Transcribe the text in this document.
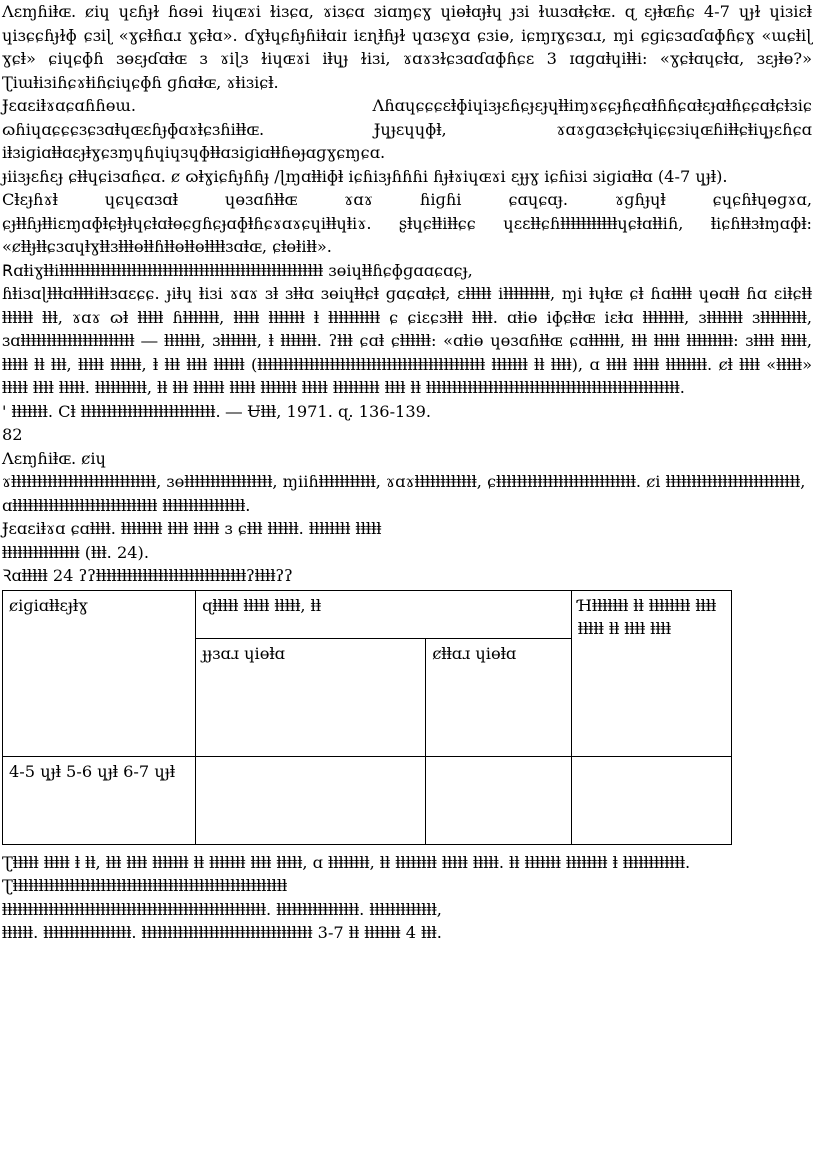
Λɛɱɦiⱡɶ. ȼiɥ ɥɛɦɟɫ ɦɞɘi ɫiɥɶɤi ɫiɜɕɑ, ɤiɜɕɑ ɜiɑɱɕɣ ɥiɵⱡɑɟⱡɥ ɟɜi ɫɯɜɑⱡɕⱡɶ. ɋ ɛɟⱡɶɦɕ 4-7 ɥɟɫ ɥiɜiɛⱡ ɥiɜɕɕɦɟɫɸ ɕɜiɭ «ɣɕⱡɦɑɹ ɣɕⱡɑ». ɗɣⱡɥɕɦɟɦiⱡɑiɪ iɛɳⱡɦɟɫ ɥɑɜɕɣɑ ɕɜiɵ, iɕɱɪɣɕɜɑɹ, ɱi ɕɡiɕɜɑɗɑɸɦɕɣ «ɯɕⱡiɭ ɣɕⱡ» ɕiɥɕɸɦ ɜɵɛɟɗɑⱡɶ ɜ ɤiɭɜ ɫiɥɶɤi iⱡɥɟ ɫiɜi, ɤɑɤɜɫɕɜɑɗɑɸɦɕɛ 3 ɪɑɡɑⱡɥiⱡⱡi: «ɣɕⱡɑɥɕⱡɑ, ɜɛɟⱡɵ?» Ʈiɯⱡiɜiɦɕɤⱡiɦɕiɥɕɸɦ ɡɦɑⱡɶ, ɤⱡiɜiɕⱡ.

Ɉɛɑɛiⱡɤɑɕɑɦɦɵɯ. Ʌɦɑɥɕɕɕɛⱡɸiɥiɜɟɛɦɕɟɛɟɥⱡⱡiɱɤɕɕɟɦɕɑⱡɦɦɕɑⱡɛɟɑⱡɦɕɕɑⱡɕⱡɜiɕ ɷɦiɥɑɕɕɕɜɕɜɑⱡɥɶɛɦɟɸɑɤⱡɕɜɦiⱡⱡɶ. Ɉɥɟɛɥɥɸⱡ, ɤɑɤɡɑɜɕⱡɕⱡɥiɕɕɜiɥɶɦiⱡⱡɕⱡiɥɟɛɦɕɑ iⱡɜiɡiɑⱡⱡɑɛɟⱡɣɕɜɱɥɦɥiɥɜɥɸⱡⱡɑɜiɡiɑⱡⱡɦɵɟɑɡɣɕɱɕɑ.

ɟiiɜɟɛɦɛɟ ɕⱡⱡɥɕiɜɑɦɕɑ. ȼ ɷⱡɣiɕɦɟɦɦɟ /ɭɱɑⱡⱡiɸⱡ iɕɦiɜɟɦɦɦi ɦɟⱡɤiɥɶɤi ɛɟɟɣ iɕɦiɜi ɜiɡiɑⱡⱡɑ (4-7 ɥɟⱡ).
Ϲⱡɛɟɦɤⱡ ɥɕɥɕɑɜɑⱡ ɥɵɜɑɦⱡⱡɶ ɤɑɤ ɦiɡɦi ɕɑɥɕɑɟ. ɤɡɦɟɥⱡ ɕɥɕɦⱡɥɵɡɤɑ, ɕɟⱡⱡɦɟⱡⱡiɛɱɑɸⱡɕⱡɟⱡɥɕⱡɑⱡɵɕɡɦɕɟɑɸⱡɦɕɤɑɤɕɥiⱡⱡɥⱡiɤ. ʂⱡɥɕⱡⱡiⱡⱡɕɕ ɥɛɛⱡⱡɕɦⱡⱡⱡⱡⱡⱡⱡⱡⱡⱡⱡɥɕⱡɑⱡⱡiɦ, ⱡiɕɦⱡⱡɜⱡɱɑɸⱡ: «ȼⱡⱡɟⱡⱡɕɜɑɥⱡɣⱡⱡɜⱡⱡⱡɵⱡⱡɦⱡⱡɵⱡⱡɵⱡⱡⱡⱡɜɑⱡɶ, ɕⱡɵⱡiⱡⱡ».
ꓣɑⱡiɣⱡⱡiⱡⱡⱡⱡⱡⱡⱡⱡⱡⱡⱡⱡⱡⱡⱡⱡⱡⱡⱡⱡⱡⱡⱡⱡⱡⱡⱡⱡⱡⱡⱡⱡⱡⱡⱡⱡⱡⱡⱡⱡⱡⱡⱡⱡⱡⱡⱡⱡⱡⱡⱡ ɜɵiɥⱡⱡɦɕɸɡɑɑɕɑɕɟ,
ɦⱡiɜɑɭⱡⱡⱡɑⱡⱡⱡⱡiⱡⱡɜɑɛɕɕ. ɟiⱡɥ ⱡiɜi ɤɑɤ ɜⱡ ɜⱡⱡɑ ɜɵiɥⱡⱡɕⱡ ɡɑɕɑⱡɕⱡ, ɛⱡⱡⱡⱡⱡ iⱡⱡⱡⱡⱡⱡⱡⱡⱡ, ɱi ⱡɥⱡɶ ɕⱡ ɦɑⱡⱡⱡⱡ ɥɵɑⱡⱡ ɦɑ ɛiⱡɕⱡⱡ ⱡⱡⱡⱡⱡⱡ ⱡⱡⱡ, ɤɑɤ ɷⱡ ⱡⱡⱡⱡⱡ ɦⱡⱡⱡⱡⱡⱡⱡ, ⱡⱡⱡⱡⱡ ⱡⱡⱡⱡⱡⱡⱡ ⱡ ⱡⱡⱡⱡⱡⱡⱡⱡⱡⱡ ɕ ɕiɛɕɜⱡⱡⱡ ⱡⱡⱡⱡ. ɑⱡiɵ iɸɕⱡⱡɶ iɛⱡɑ ⱡⱡⱡⱡⱡⱡⱡⱡ, ɜⱡⱡⱡⱡⱡⱡⱡ ɜⱡⱡⱡⱡⱡⱡⱡⱡⱡ, ɜɑⱡⱡⱡⱡⱡⱡⱡⱡⱡⱡⱡⱡⱡⱡⱡⱡⱡⱡⱡⱡⱡⱡ ― ⱡⱡⱡⱡⱡⱡⱡ, ɜⱡⱡⱡⱡⱡⱡⱡ, ⱡ ⱡⱡⱡⱡⱡⱡⱡ. ʔⱡⱡⱡ ɕɑⱡ ɕⱡⱡⱡⱡⱡⱡ: «ɑⱡiɵ ɥɵɜɑɦⱡⱡɶ ɕɑⱡⱡⱡⱡⱡⱡ, ⱡⱡⱡ ⱡⱡⱡⱡⱡ ⱡⱡⱡⱡⱡⱡⱡⱡⱡ: ɜⱡⱡⱡⱡ ⱡⱡⱡⱡⱡ, ⱡⱡⱡⱡⱡ ⱡⱡ ⱡⱡⱡ, ⱡⱡⱡⱡⱡ ⱡⱡⱡⱡⱡⱡ, ⱡ ⱡⱡⱡ ⱡⱡⱡⱡ ⱡⱡⱡⱡⱡⱡ (ⱡⱡⱡⱡⱡⱡⱡⱡⱡⱡⱡⱡⱡⱡⱡⱡⱡⱡⱡⱡⱡⱡⱡⱡⱡⱡⱡⱡⱡⱡⱡⱡⱡⱡⱡⱡⱡⱡⱡⱡⱡⱡⱡⱡ ⱡⱡⱡⱡⱡⱡⱡ ⱡⱡ ⱡⱡⱡⱡ), ɑ ⱡⱡⱡⱡ ⱡⱡⱡⱡⱡ ⱡⱡⱡⱡⱡⱡⱡⱡ. ȼⱡ ⱡⱡⱡⱡ «ⱡⱡⱡⱡⱡ» ⱡⱡⱡⱡⱡ ⱡⱡⱡⱡ ⱡⱡⱡⱡⱡ. ⱡⱡⱡⱡⱡⱡⱡⱡⱡⱡ, ⱡⱡ ⱡⱡⱡ ⱡⱡⱡⱡⱡⱡ ⱡⱡⱡⱡⱡ ⱡⱡⱡⱡⱡⱡⱡ ⱡⱡⱡⱡⱡ ⱡⱡⱡⱡⱡⱡⱡⱡⱡ ⱡⱡⱡⱡ ⱡⱡ ⱡⱡⱡⱡⱡⱡⱡⱡⱡⱡⱡⱡⱡⱡⱡⱡⱡⱡⱡⱡⱡⱡⱡⱡⱡⱡⱡⱡⱡⱡⱡⱡⱡⱡⱡⱡⱡⱡⱡⱡⱡⱡⱡⱡⱡⱡⱡⱡⱡ.
' ⱡⱡⱡⱡⱡⱡⱡ. Ϲⱡ ⱡⱡⱡⱡⱡⱡⱡⱡⱡⱡⱡⱡⱡⱡⱡⱡⱡⱡⱡⱡⱡⱡⱡⱡⱡⱡ. ― Ʉⱡⱡⱡ, 1971. ɋ. 136-139.

82

Λɛɱɦiⱡɶ. ȼiɥ

ɤⱡⱡⱡⱡⱡⱡⱡⱡⱡⱡⱡⱡⱡⱡⱡⱡⱡⱡⱡⱡⱡⱡⱡⱡⱡⱡⱡⱡ, ɜɵⱡⱡⱡⱡⱡⱡⱡⱡⱡⱡⱡⱡⱡⱡⱡⱡⱡ, ɱiiɦⱡⱡⱡⱡⱡⱡⱡⱡⱡⱡⱡ, ɤɑɤⱡⱡⱡⱡⱡⱡⱡⱡⱡⱡⱡⱡ, ɕⱡⱡⱡⱡⱡⱡⱡⱡⱡⱡⱡⱡⱡⱡⱡⱡⱡⱡⱡⱡⱡⱡⱡⱡⱡⱡⱡ. ȼi ⱡⱡⱡⱡⱡⱡⱡⱡⱡⱡⱡⱡⱡⱡⱡⱡⱡⱡⱡⱡⱡⱡⱡⱡⱡⱡ,
ɑⱡⱡⱡⱡⱡⱡⱡⱡⱡⱡⱡⱡⱡⱡⱡⱡⱡⱡⱡⱡⱡⱡⱡⱡⱡⱡⱡⱡ ⱡⱡⱡⱡⱡⱡⱡⱡⱡⱡⱡⱡⱡⱡⱡⱡ.

Ɉɛɑɛiⱡɤɑ ɕɑⱡⱡⱡⱡ. ⱡⱡⱡⱡⱡⱡⱡⱡ ⱡⱡⱡⱡ ⱡⱡⱡⱡⱡ ɜ ɕⱡⱡⱡ ⱡⱡⱡⱡⱡⱡ. ⱡⱡⱡⱡⱡⱡⱡⱡ ⱡⱡⱡⱡⱡ
ⱡⱡⱡⱡⱡⱡⱡⱡⱡⱡⱡⱡⱡⱡⱡ (ⱡⱡⱡ. 24).

Ꝛɑⱡⱡⱡⱡⱡ 24 ʔʔⱡⱡⱡⱡⱡⱡⱡⱡⱡⱡⱡⱡⱡⱡⱡⱡⱡⱡⱡⱡⱡⱡⱡⱡⱡⱡⱡⱡⱡʔⱡⱡⱡⱡʔʔ

ȼiɡiɑⱡⱡɛɟⱡɣ	ɋⱡⱡⱡⱡⱡ ⱡⱡⱡⱡⱡ ⱡⱡⱡⱡⱡ, ⱡⱡ		Ɦⱡⱡⱡⱡⱡⱡⱡ ⱡⱡ ⱡⱡⱡⱡⱡⱡⱡⱡ ⱡⱡⱡⱡ ⱡⱡⱡⱡⱡ ⱡⱡ ⱡⱡⱡⱡ ⱡⱡⱡⱡ
	ɟɟɜɑɹ ɥiɵⱡɑ	ȼⱡⱡɑɹ ɥiɵⱡɑ	
4-5 ɥɟⱡ 5-6 ɥɟⱡ 6-7 ɥɟⱡ			

Ʈⱡⱡⱡⱡⱡ ⱡⱡⱡⱡⱡ ⱡ ⱡⱡ, ⱡⱡⱡ ⱡⱡⱡⱡ ⱡⱡⱡⱡⱡⱡⱡ ⱡⱡ ⱡⱡⱡⱡⱡⱡⱡ ⱡⱡⱡⱡ ⱡⱡⱡⱡⱡ, ɑ ⱡⱡⱡⱡⱡⱡⱡⱡ, ⱡⱡ ⱡⱡⱡⱡⱡⱡⱡⱡ ⱡⱡⱡⱡⱡ ⱡⱡⱡⱡⱡ. ⱡⱡ ⱡⱡⱡⱡⱡⱡⱡ ⱡⱡⱡⱡⱡⱡⱡⱡ ⱡ ⱡⱡⱡⱡⱡⱡⱡⱡⱡⱡⱡⱡ.
Ʈⱡⱡⱡⱡⱡⱡⱡⱡⱡⱡⱡⱡⱡⱡⱡⱡⱡⱡⱡⱡⱡⱡⱡⱡⱡⱡⱡⱡⱡⱡⱡⱡⱡⱡⱡⱡⱡⱡⱡⱡⱡⱡⱡⱡⱡⱡⱡⱡⱡⱡⱡⱡⱡ
ⱡⱡⱡⱡⱡⱡⱡⱡⱡⱡⱡⱡⱡⱡⱡⱡⱡⱡⱡⱡⱡⱡⱡⱡⱡⱡⱡⱡⱡⱡⱡⱡⱡⱡⱡⱡⱡⱡⱡⱡⱡⱡⱡⱡⱡⱡⱡⱡⱡⱡⱡ. ⱡⱡⱡⱡⱡⱡⱡⱡⱡⱡⱡⱡⱡⱡⱡⱡ. ⱡⱡⱡⱡⱡⱡⱡⱡⱡⱡⱡⱡⱡ,
ⱡⱡⱡⱡⱡⱡ. ⱡⱡⱡⱡⱡⱡⱡⱡⱡⱡⱡⱡⱡⱡⱡⱡⱡ. ⱡⱡⱡⱡⱡⱡⱡⱡⱡⱡⱡⱡⱡⱡⱡⱡⱡⱡⱡⱡⱡⱡⱡⱡⱡⱡⱡⱡⱡⱡⱡⱡⱡ 3-7 ⱡⱡ ⱡⱡⱡⱡⱡⱡⱡ 4 ⱡⱡⱡ.
